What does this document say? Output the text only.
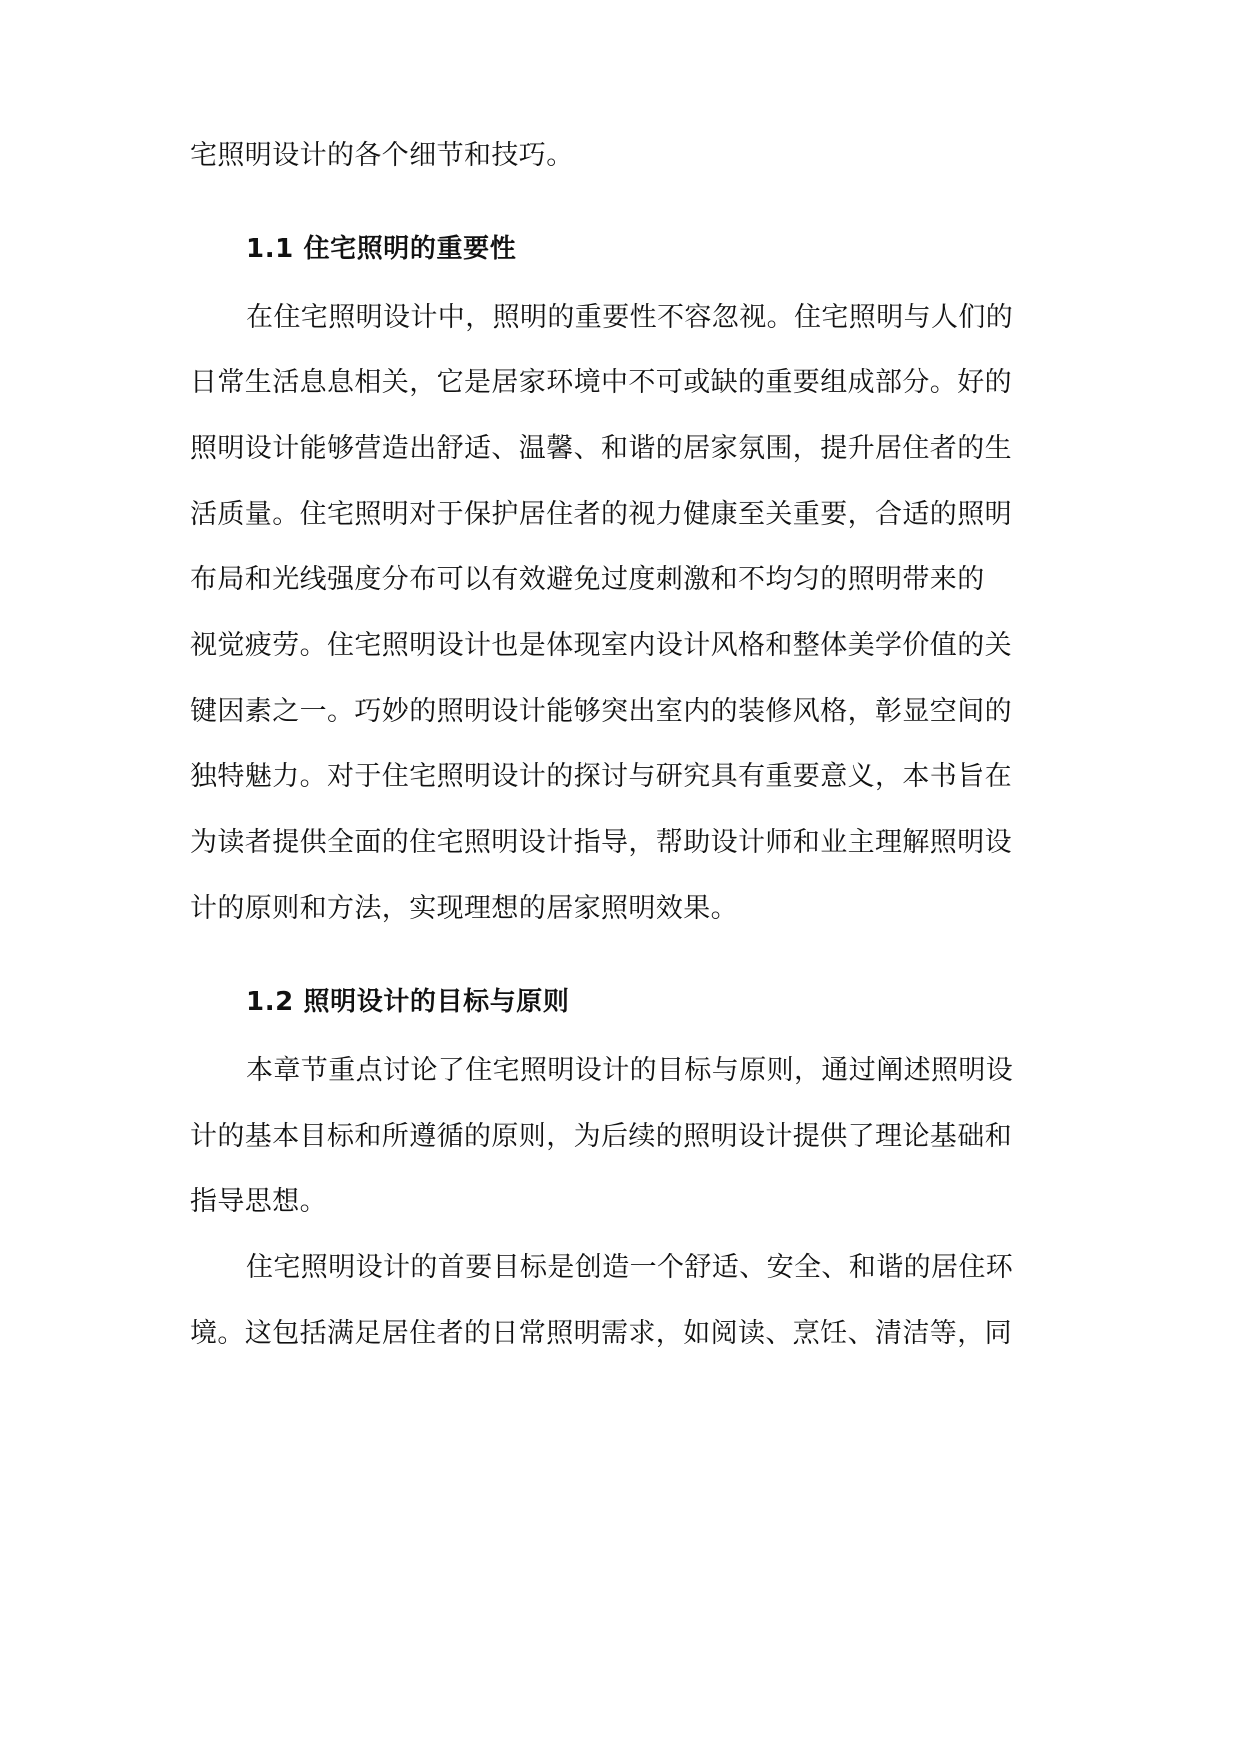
宅照明设计的各个细节和技巧。
1.1 住宅照明的重要性
在住宅照明设计中，照明的重要性不容忽视。住宅照明与人们的
日常生活息息相关，它是居家环境中不可或缺的重要组成部分。好的
照明设计能够营造出舒适、温馨、和谐的居家氛围，提升居住者的生
活质量。住宅照明对于保护居住者的视力健康至关重要，合适的照明
布局和光线强度分布可以有效避免过度刺激和不均匀的照明带来的
视觉疲劳。住宅照明设计也是体现室内设计风格和整体美学价值的关
键因素之一。巧妙的照明设计能够突出室内的装修风格，彰显空间的
独特魅力。对于住宅照明设计的探讨与研究具有重要意义，本书旨在
为读者提供全面的住宅照明设计指导，帮助设计师和业主理解照明设
计的原则和方法，实现理想的居家照明效果。
1.2 照明设计的目标与原则
本章节重点讨论了住宅照明设计的目标与原则，通过阐述照明设
计的基本目标和所遵循的原则，为后续的照明设计提供了理论基础和
指导思想。
住宅照明设计的首要目标是创造一个舒适、安全、和谐的居住环
境。这包括满足居住者的日常照明需求，如阅读、烹饪、清洁等，同
